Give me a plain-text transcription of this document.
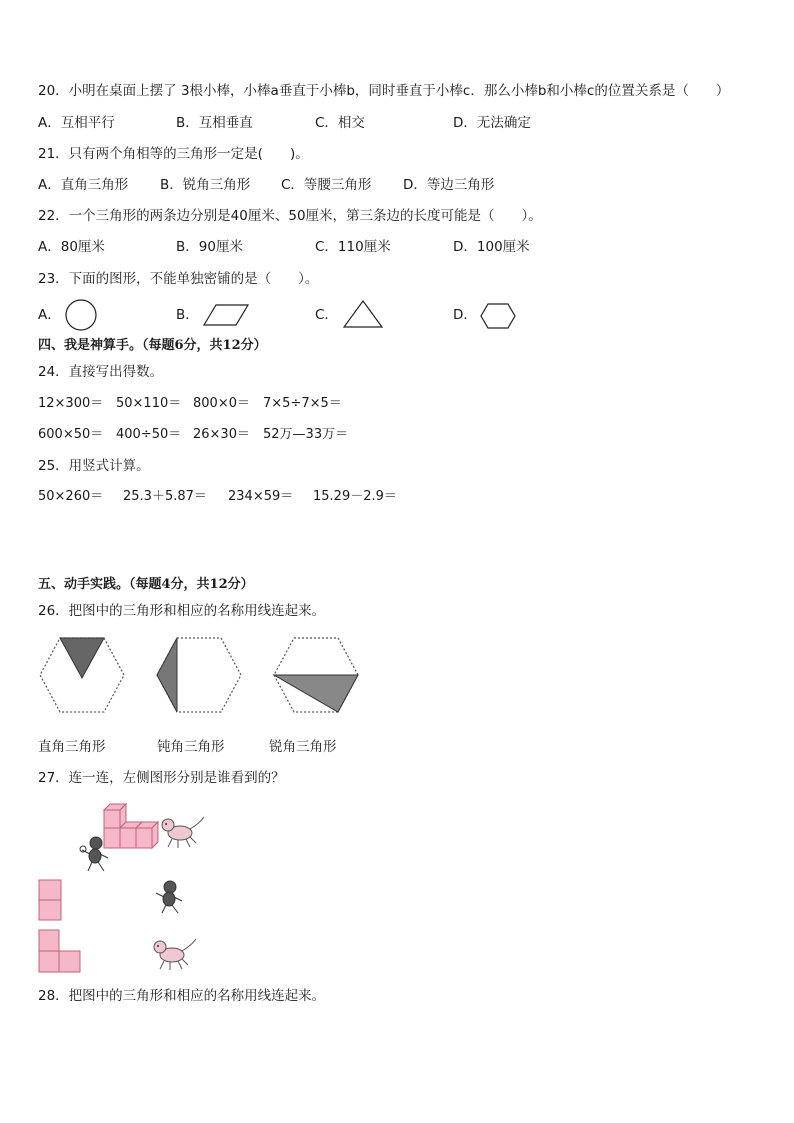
20．小明在桌面上摆了 3根小棒，小棒a垂直于小棒b，同时垂直于小棒c．那么小棒b和小棒c的位置关系是（　　）
A．互相平行	B．互相垂直	C．相交	D．无法确定
21．只有两个角相等的三角形一定是(　　)。
A．直角三角形 B．锐角三角形 C．等腰三角形 D．等边三角形
22．一个三角形的两条边分别是40厘米、50厘米，第三条边的长度可能是（　　）。
A．80厘米	B．90厘米	C．110厘米	D．100厘米
23．下面的图形，不能单独密铺的是（　　）。
A．	B．	C．	D．
四、我是神算手。（每题6分，共12分）
24．直接写出得数。
12×300＝ 50×110＝ 800×0＝ 7×5÷7×5＝
600×50＝ 400÷50＝ 26×30＝ 52万—33万＝
25．用竖式计算。
50×260＝ 25.3＋5.87＝ 234×59＝ 15.29－2.9＝
五、动手实践。（每题4分，共12分）
26．把图中的三角形和相应的名称用线连起来。
直角三角形	钝角三角形	锐角三角形
27．连一连，左侧图形分别是谁看到的？
28．把图中的三角形和相应的名称用线连起来。
